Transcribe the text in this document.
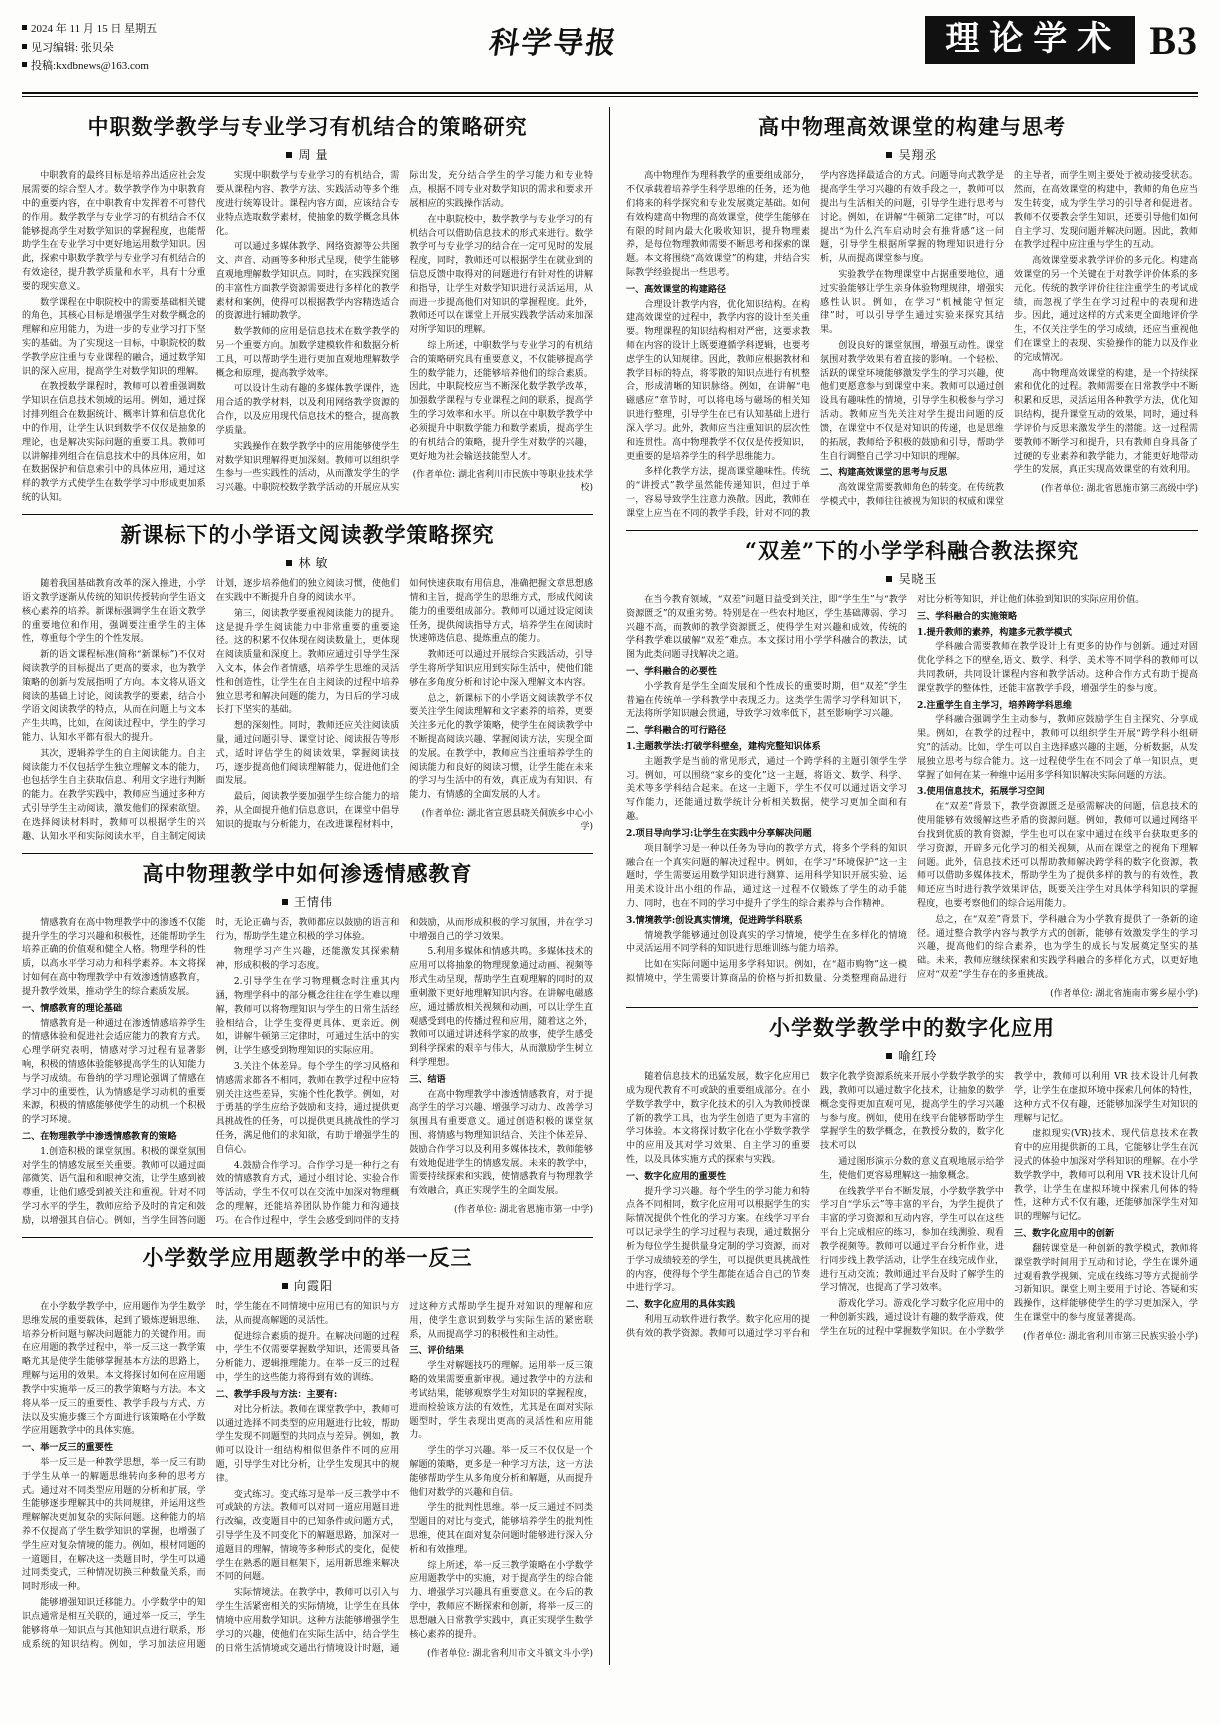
2024 年 11 月 15 日 星期五
见习编辑: 张贝朵
投稿:kxdbnews@163.com
科学导报	理论学术 B3
中职数学教学与专业学习有机结合的策略研究
周 量

中职教育的最终目标是培养出适应社会发展需要的综合型人才。数学教学作为中职教育中的重要内容，在中职教育中发挥着不可替代的作用。数学教学与专业学习的有机结合不仅能够提高学生对数学知识的掌握程度，也能帮助学生在专业学习中更好地运用数学知识。因此，探索中职数学教学与专业学习有机结合的有效途径，提升教学质量和水平，具有十分重要的现实意义。

数学课程在中职院校中的需要基础相关键的角色，其核心目标是增强学生对数学概念的理解和应用能力，为进一步的专业学习打下坚实的基础。为了实现这一目标，中职院校的数学教学应注重与专业课程的融合，通过数学知识的深入应用，提高学生对数学知识的理解。

在教授数学课程时，教师可以着重强调数学知识在信息技术领域的运用。例如，通过探讨排列组合在数据统计、概率计算和信息优化中的作用，让学生认识到数学不仅仅是抽象的理论，也是解决实际问题的重要工具。教师可以讲解排列组合在信息技术中的具体应用，如在数据保护和信息索引中的具体应用，通过这样的教学方式使学生在数学学习中形成更加系统的认知。

实现中职数学与专业学习的有机结合，需要从课程内容、教学方法、实践活动等多个维度进行统筹设计。课程内容方面，应该结合专业特点选取数学素材，使抽象的数学概念具体化。

可以通过多媒体教学、网络资源等公共图文、声音、动画等多种形式呈现，使学生能够直观地理解数学知识点。同时，在实践探究图的丰富性方面教学资源需要进行多样化的教学素材和案例，使得可以根据教学内容精选适合的资源进行辅助教学。

数学教师的应用是信息技术在数学教学的另一个重要方向。加数学建模软件和数据分析工具，可以帮助学生进行更加直观地理解数学概念和原理，提高教学效率。

可以设计生动有趣的多媒体教学课件，选用合适的教学材料，以及利用网络教学资源的合作，以及应用现代信息技术的整合，提高教学质量。

实践操作在数学教学中的应用能够使学生对数学知识理解得更加深刻。教师可以组织学生参与一些实践性的活动，从而激发学生的学习兴趣。中职院校数学教学活动的开展应从实际出发，充分结合学生的学习能力和专业特点，根据不同专业对数学知识的需求和要求开展相应的实践操作活动。

在中职院校中，数学教学与专业学习的有机结合可以借助信息技术的形式来进行。数学教学可与专业学习的结合在一定可见时的发展程度，同时，教师还可以根据学生在就业到的信息反馈中取得对的问题进行有针对性的讲解和指导，让学生对数学知识进行灵活运用，从而进一步提高他们对知识的掌握程度。此外，教师还可以在课堂上开展实践教学活动来加深对所学知识的理解。

综上所述，中职数学与专业学习的有机结合的策略研究具有重要意义，不仅能够提高学生的数学能力，还能够培养他们的综合素质。因此，中职院校应当不断深化数学教学改革，加强数学课程与专业课程之间的联系，提高学生的学习效率和水平。所以在中职数学教学中必须提升中职数学能力和数学素质，提高学生的有机结合的策略，提升学生对数学的兴趣，更好地为社会输送技能型人才。

(作者单位: 湖北省利川市民族中等职业技术学校)
新课标下的小学语文阅读教学策略探究
林 敏

随着我国基础教育改革的深入推进，小学语文教学逐渐从传统的知识传授转向学生语文核心素养的培养。新课标强调学生在语文教学的重要地位和作用，强调要注重学生的主体性，尊重每个学生的个性发展。

新的语文课程标准(简称“新课标”)不仅对阅读教学的目标提出了更高的要求，也为教学策略的创新与发展指明了方向。本文将从语文阅读的基础上讨论，阅读教学的要素，结合小学语文阅读教学的特点，从而在问题上与文本产生共鸣，比如，在阅读过程中，学生的学习能力、认知水平都有很大的提升。

其次，逻辑养学生的自主阅读能力。自主阅读能力不仅包括学生独立理解文本的能力，也包括学生自主获取信息、利用文字进行判断的能力。在教学实践中，教师应当通过多种方式引导学生主动阅读，激发他们的探索欲望。在选择阅读材料时，教师可以根据学生的兴趣、认知水平和实际阅读水平，自主制定阅读计划，逐步培养他们的独立阅读习惯，使他们在实践中不断提升自身的阅读水平。

第三，阅读教学要重视阅读能力的提升。这是提升学生阅读能力中非常重要的重要途径。这的积累不仅体现在阅读数量上，更体现在阅读质量和深度上。教师应通过引导学生深入文本，体会作者情感，培养学生思维的灵活性和创造性，让学生在自主阅读的过程中培养独立思考和解决问题的能力，为日后的学习成长打下坚实的基础。

想的深刻性。同时，教师还应关注阅读质量，通过问题引导、课堂讨论、阅读报告等形式，适时评估学生的阅读效果，掌握阅读技巧，逐步提高他们阅读理解能力，促进他们全面发展。

最后，阅读教学要加强学生综合能力的培养，从全面提升他们信息意识，在课堂中倡导知识的提取与分析能力，在改进课程材料中，如何快速获取有用信息，准确把握文章思想感情和主旨，提高学生的思维方式，形成代阅读能力的重要组成部分。教师可以通过设定阅读任务，提供阅读指导方式，培养学生在阅读时快速筛选信息、提炼重点的能力。

教师还可以通过开展综合实践活动，引导学生将所学知识应用到实际生活中，使他们能够在多角度分析和讨论中深入理解文本内容。

总之，新课标下的小学语文阅读教学不仅要关注学生阅读理解和文字素养的培养，更要关注多元化的教学策略，使学生在阅读教学中不断提高阅读兴趣、掌握阅读方法，实现全面的发展。在教学中，教师应当注重培养学生的阅读能力和良好的阅读习惯，让学生能在未来的学习与生活中的有效，真正成为有知识、有能力、有情感的全面发展的人才。

(作者单位: 湖北省宣恩县晓关侗族乡中心小学)
高中物理教学中如何渗透情感教育
王情伟

情感教育在高中物理教学中的渗透不仅能提升学生的学习兴趣和积极性，还能帮助学生培养正确的价值观和健全人格。物理学科的性质，以高水平学习动力和科学素养。本文将探讨如何在高中物理教学中有效渗透情感教育，提升教学效果，推动学生的综合素质发展。

一、情感教育的理论基础

情感教育是一种通过在渗透情感培养学生的情感体验和促进社会适应能力的教育方式。心理学研究表明，情感对学习过程有显著影响，积极的情感体验能够提高学生的认知能力与学习成绩。布鲁纳的学习理论强调了情感在学习中的重要性，认为情感是学习动机的重要来源，积极的情感能够使学生的动机一个积极的学习环境。

二、在物理教学中渗透情感教育的策略

1.创造积极的课堂氛围。积极的课堂氛围对学生的情感发展至关重要。教师可以通过面部微笑、语气温和和眼神交流，让学生感到被尊重，让他们感受到被关注和重视。针对不同学习水平的学生，教师应给予及时的肯定和鼓励，以增强其自信心。例如，当学生回答问题时，无论正确与否，教师都应以鼓励的语言和行为，帮助学生建立积极的学习体验。

物理学习产生兴趣，还能激发其探索精神，形成积极的学习态度。

2.引导学生在学习物理概念时注重其内涵，物理学科中的部分概念往往在学生难以理解，教师可以将物理知识与学生的日常生活经验相结合，让学生变得更具体、更亲近。例如，讲解牛顿第三定律时，可通过生活中的实例，让学生感受到物理知识的实际应用。

3.关注个体差异。每个学生的学习风格和情感需求都各不相同，教师在教学过程中应特别关注这些差异，实施个性化教学。例如，对于勇基的学生应给予鼓励和支持，通过提供更具挑战性的任务，可以提供更具挑战性的学习任务，满足他们的求知欲，有助于增强学生的自信心。

4.鼓励合作学习。合作学习是一种行之有效的情感教育方式，通过小组讨论、实验合作等活动，学生不仅可以在交流中加深对物理概念的理解，还能培养团队协作能力和沟通技巧。在合作过程中，学生会感受到同伴的支持和鼓励，从而形成积极的学习氛围，并在学习中增强自己的学习效果。

5.利用多媒体和情感共鸣。多媒体技术的应用可以将抽象的物理现象通过动画、视频等形式生动呈现，帮助学生直观理解的同时的双重刺激下更好地理解知识内容。在讲解电磁感应，通过播放相关视频和动画，可以让学生直观感受到电的传播过程和应用，随着这之外，教师可以通过讲述科学家的故事，使学生感受到科学探索的艰辛与伟大，从而激励学生树立科学理想。

三、结语

在高中物理教学中渗透情感教育，对于提高学生的学习兴趣、增强学习动力、改善学习氛围具有重要意义。通过创造积极的课堂氛围、将情感与物理知识结合、关注个体差异、鼓励合作学习以及利用多媒体技术，教师能够有效地促进学生的情感发展。未来的教学中，需要持续探索和实践，使情感教育与物理教学有效融合，真正实现学生的全面发展。

(作者单位: 湖北省恩施市第一中学)
小学数学应用题教学中的举一反三
向霞阳

在小学数学教学中，应用题作为学生数学思维发展的重要载体，起到了锻炼逻辑思维、培养分析问题与解决问题能力的关键作用。而在应用题的教学过程中，举一反三这一教学策略尤其是使学生能够掌握基本方法的思路上，理解与运用的效果。本文将探讨如何在应用题教学中实施举一反三的教学策略与方法。本文将从举一反三的重要性、教学手段与方式、方法以及实施步骤三个方面进行该策略在小学数学应用题教学中的具体实施。

一、举一反三的重要性

举一反三是一种教学思想，举一反三有助于学生从单一的解题思维转向多种的思考方式。通过对不同类型应用题的分析和扩展，学生能够逐步理解其中的共同规律，并运用这些理解解决更加复杂的实际问题。这种能力的培养不仅提高了学生数学知识的掌握，也增强了学生应对复杂情境的能力。例如，根材同题的一道题目，在解决这一类题目时，学生可以通过同类变式，三种情况切换三种数量关系，而同时形成一种。

能够增强知识迁移能力。小学数学中的知识点通常是相互关联的，通过举一反三，学生能够将单一知识点与其他知识点进行联系，形成系统的知识结构。例如，学习加法应用题时，学生能在不同情境中应用已有的知识与方法，从而提高解题的灵活性。

促进综合素质的提升。在解决问题的过程中，学生不仅需要掌握数学知识，还需要具备分析能力、逻辑推理能力。在举一反三的过程中，学生的这些能力将得到有效的训练。

二、教学手段与方法：主要有:

对比分析法。教师在课堂教学中，教师可以通过选择不同类型的应用题进行比较，帮助学生发现不同题型的共同点与差异。例如，教师可以设计一组结构相似但条件不同的应用题，引导学生对比分析，让学生发现其中的规律。

变式练习。变式练习是举一反三教学中不可或缺的方法。教师可以对同一道应用题目进行改编，改变题目中的已知条件或问题方式，引导学生及不同变化下的解题思路，加深对一道题目的理解，情境等多种形式的变化，促使学生在熟悉的题目框架下，运用新思维来解决不同的问题。

实际情境法。在教学中，教师可以引入与学生生活紧密相关的实际情境，让学生在具体情境中应用数学知识。这种方法能够增强学生学习的兴趣，使他们在实际生活中，结合学生的日常生活情境或交通出行情境设计时题，通过这种方式帮助学生提升对知识的理解和应用，使学生意识到数学与实际生活的紧密联系，从而提高学习的积极性和主动性。

三、评价结果

学生对解题技巧的理解。运用举一反三策略的效果需要重新审视。通过教学中的方法和考试结果，能够观察学生对知识的掌握程度，进而检验该方法的有效性，尤其是在面对实际题型时，学生表现出更高的灵活性和应用能力。

学生的学习兴趣。举一反三不仅仅是一个解题的策略，更多是一种学习方法，这一方法能够帮助学生从多角度分析和解题，从而提升他们对数学的兴趣和自信。

学生的批判性思维。举一反三通过不同类型题目的对比与变式，能够培养学生的批判性思维，使其在面对复杂问题时能够进行深入分析和有效推理。

综上所述，举一反三教学策略在小学数学应用题教学中的实施，对于提高学生的综合能力、增强学习兴趣具有重要意义。在今后的教学中，教师应不断探索和创新，将举一反三的思想融入日常教学实践中，真正实现学生数学核心素养的提升。

(作者单位: 湖北省利川市文斗镇文斗小学)
高中物理高效课堂的构建与思考
吴翔丞

高中物理作为理科教学的重要组成部分，不仅承载着培养学生科学思维的任务，还为他们将来的科学探究和专业发展奠定基础。如何有效构建高中物理的高效课堂，使学生能够在有限的时间内最大化吸收知识，提升物理素养，是每位物理教师需要不断思考和探索的课题。本文将围绕“高效课堂”的构建，并结合实际教学经验提出一些思考。

一、高效课堂的构建路径

合理设计教学内容，优化知识结构。在构建高效课堂的过程中，教学内容的设计至关重要。物理课程的知识结构相对严密，这要求教师在内容的设计上既要遵循学科逻辑，也要考虑学生的认知规律。因此，教师应根据教材和教学目标的特点，将零散的知识点进行有机整合，形成清晰的知识脉络。例如，在讲解“电磁感应”章节时，可以将电场与磁场的相关知识进行整理，引导学生在已有认知基础上进行深入学习。此外，教师应当注重知识的层次性和连贯性。高中物理教学不仅仅是传授知识，更重要的是培养学生的科学思维能力。

多样化教学方法，提高课堂趣味性。传统的“讲授式”教学虽然能传递知识，但过于单一，容易导致学生注意力涣散。因此，教师在课堂上应当在不同的教学手段，针对不同的教学内容选择最适合的方式。问题导向式教学是提高学生学习兴趣的有效手段之一，教师可以提出与生活相关的问题，引导学生进行思考与讨论。例如，在讲解“牛顿第二定律”时，可以提出“为什么汽车启动时会有推背感”这一问题，引导学生根据所掌握的物理知识进行分析，从而提高课堂参与度。

实验教学在物理课堂中占据重要地位，通过实验能够让学生亲身体验物理规律，增强实感性认识。例如，在学习“机械能守恒定律”时，可以引导学生通过实验来探究其结果。

创设良好的课堂氛围，增强互动性。课堂氛围对教学效果有着直接的影响。一个轻松、活跃的课堂环境能够激发学生的学习兴趣，使他们更愿意参与到课堂中来。教师可以通过创设具有趣味性的情境，引导学生积极参与学习活动。教师应当先关注对学生提出问题的反馈，在课堂中不仅是对知识的传递，也是思维的拓展，教师给予积极的鼓励和引导，帮助学生自行调整自己学习中知识的理解。

二、构建高效课堂的思考与反思

高效课堂需要教师角色的转变。在传统教学模式中，教师往往被视为知识的权威和课堂的主导者，而学生则主要处于被动接受状态。然而，在高效课堂的构建中，教师的角色应当发生转变，成为学生学习的引导者和促进者。教师不仅要教会学生知识，还要引导他们如何自主学习、发现问题并解决问题。因此，教师在教学过程中应注重与学生的互动。

高效课堂要求教学评价的多元化。构建高效课堂的另一个关键在于对教学评价体系的多元化。传统的教学评价往往注重学生的考试成绩，而忽视了学生在学习过程中的表现和进步。因此，通过这样的方式来更全面地评价学生，不仅关注学生的学习成绩，还应当重视他们在课堂上的表现、实验操作的能力以及作业的完成情况。

高中物理高效课堂的构建，是一个持续探索和优化的过程。教师需要在日常教学中不断积累和反思，灵活运用各种教学方法，优化知识结构，提升课堂互动的效果，同时，通过科学评价与反思来激发学生的潜能。这一过程需要教师不断学习和提升，只有教师自身具备了过硬的专业素养和教学能力，才能更好地带动学生的发展，真正实现高效课堂的有效利用。

(作者单位: 湖北省恩施市第三高级中学)
“双差”下的小学学科融合教法探究
吴晓玉

在当今教育领域，“双差”问题日益受到关注，即“学生生”与“教学资源匮乏”的双重劣势。特别是在一些农村地区，学生基础薄弱、学习兴趣不高，而教师的教学资源匮乏，使得学生对兴趣和成效，传统的学科教学难以破解“双差”难点。本文探讨用小学学科融合的教法，试图为此类问题寻找解决之道。

一、学科融合的必要性

小学教育是学生全面发展和个性成长的重要时期，但“双差”学生普遍在传统单一学科教学中表现乏力。这类学生需学习学科知识下，无法将所学知识融会贯通，导致学习效率低下，甚至影响学习兴趣。

二、学科融合的可行路径

1.主题教学法:打破学科壁垒，建构完整知识体系

主题教学是当前的常见形式，通过一个跨学科的主题引领学生学习。例如，可以围绕“家乡的变化”这一主题，将语文、数学、科学、美术等多学科结合起来。在这一主题下，学生不仅可以通过语文学习写作能力，还能通过数学统计分析相关数据，使学习更加全面和有趣。

2.项目导向学习:让学生在实践中分享解决问题

项目制学习是一种以任务为导向的教学方式，将多个学科的知识融合在一个真实问题的解决过程中。例如，在学习“环境保护”这一主题时，学生需要运用数学知识进行测算、运用科学知识开展实验、运用美术设计出小组的作品，通过这一过程不仅锻炼了学生的动手能力、同时，也在不同的学习中提升了学生的综合素养与合作精神。

3.情境教学:创设真实情境，促进跨学科联系

情境教学能够通过创设真实的学习情境，使学生在多样化的情境中灵活运用不同学科的知识进行思维训练与能力培养。

比如在实际问题中运用多学科知识。例如，在“超市购物”这一模拟情境中，学生需要计算商品的价格与折扣数量、分类整理商品进行对比分析等知识，并让他们体验到知识的实际应用价值。

三、学科融合的实施策略

1.提升教师的素养，构建多元教学模式

学科融合需要教师在教学设计上有更多的协作与创新。通过对固优化学科之下的壁垒,语文、数学、科学、美术等不同学科的教师可以共同教研，共同设计课程内容和教学活动。这种合作方式有助于提高课堂教学的整体性，还能丰富教学手段，增强学生的参与度。

2.注重学生自主学习，培养跨学科思维

学科融合强调学生主动参与，教师应鼓励学生自主探究、分享成果。例如，在教学的过程中，教师可以组织学生开展“跨学科小组研究”的活动。比如，学生可以自主选择感兴趣的主题，分析数据，从发展独立思考与综合能力。这一过程使学生在不同会了单一知识点，更掌握了如何在某一种维中运用多学科知识解决实际问题的方法。

3.使用信息技术，拓展学习空间

在“双差”背景下，教学资源匮乏是亟需解决的问题，信息技术的使用能够有效缓解这些矛盾的资源问题。例如，教师可以通过网络平台找到优质的教育资源，学生也可以在家中通过在线平台获取更多的学习资源，开辟多元化学习的相关视频，从而在课堂之的视角下理解问题。此外，信息技术还可以帮助教师解决跨学科的数字化资源，教师可以借助多媒体技术，帮助学生为了提供多样的教与的有效性，教师还应当时进行教学效果评估，既要关注学生对具体学科知识的掌握程度，也要考察他们的综合运用能力。

总之，在“双差”背景下，学科融合为小学教育提供了一条新的途径。通过整合教学内容与教学方式的创新，能够有效激发学生的学习兴趣，提高他们的综合素养，也为学生的成长与发展奠定坚实的基础。未来，教师应继续探索和实践学科融合的多样化方式，以更好地应对“双差”学生存在的多重挑战。

(作者单位: 湖北省施南市雾乡屋小学)
小学数学教学中的数字化应用
喻红玲

随着信息技术的迅猛发展，数字化应用已成为现代教育不可或缺的重要组成部分。在小学数学教学中，数字化技术的引入为教师授课了新的教学工具，也为学生创造了更为丰富的学习体验。本文将探讨数字化在小学数学教学中的应用及其对学习效果、自主学习的重要性，以及具体实施方式的探索与实践。

一、数字化应用的重要性

提升学习兴趣。每个学生的学习能力和特点各不同相同，数字化应用可以根据学生的实际情况提供个性化的学习方案。在线学习平台可以记录学生的学习过程与表现，通过数据分析为每位学生提供量身定制的学习资源，而对于学习成绩较差的学生，可以提供更具挑战性的内容，使得每个学生都能在适合自己的节奏中进行学习。

二、数字化应用的具体实践

利用互动软件进行教学。数字化应用的提供有效的教学资源。教师可以通过学习平台和数字化教学资源系统来开展小学数学教学的实践，教师可以通过数字化技术，让抽象的数学概念变得更加直观可见，提高学生的学习兴趣与参与度。例如，使用在线平台能够帮助学生掌握学生的数学概念，在教授分数的，数字化技术可以

通过图形演示分数的意义直观地展示给学生，使他们更容易理解这一抽象概念。

在线教学平台不断发展，小学数学教学中学习自“学乐云”等丰富的平台，为学生提供了丰富的学习资源和互动内容，学生可以在这些平台上完成相应的练习，参加在线测验、观看教学视频等。教师可以通过平台分析作业，进行同步线上教学活动，让学生在线完成作业，进行互动交流；教师通过平台及时了解学生的学习情况，也提高了学习效率。

游戏化学习。游戏化学习数字化应用中的一种创新实践，通过设计有趣的数学游戏，使学生在玩的过程中掌握数学知识。在小学数学教学中，教师可以利用 VR 技术设计几何教学，让学生在虚拟环境中探索几何体的特性，这种方式不仅有趣，还能够加深学生对知识的理解与记忆。

虚拟现实(VR)技术、现代信息技术在教育中的应用提供新的工具，它能够让学生在沉浸式的体验中加深对学科知识的理解。在小学数学教学中，教师可以利用 VR 技术设计几何教学，让学生在虚拟环境中探索几何体的特性，这种方式不仅有趣，还能够加深学生对知识的理解与记忆。

三、数字化应用中的创新

翻转课堂是一种创新的教学模式，教师将课堂教学时间用于互动和讨论，学生在课外通过观看教学视频、完成在线练习等方式提前学习新知识。课堂上则主要用于讨论、答疑和实践操作，这样能够使学生的学习更加深入，学生在课堂中的参与度显著提高。

(作者单位: 湖北省利川市第三民族实验小学)
